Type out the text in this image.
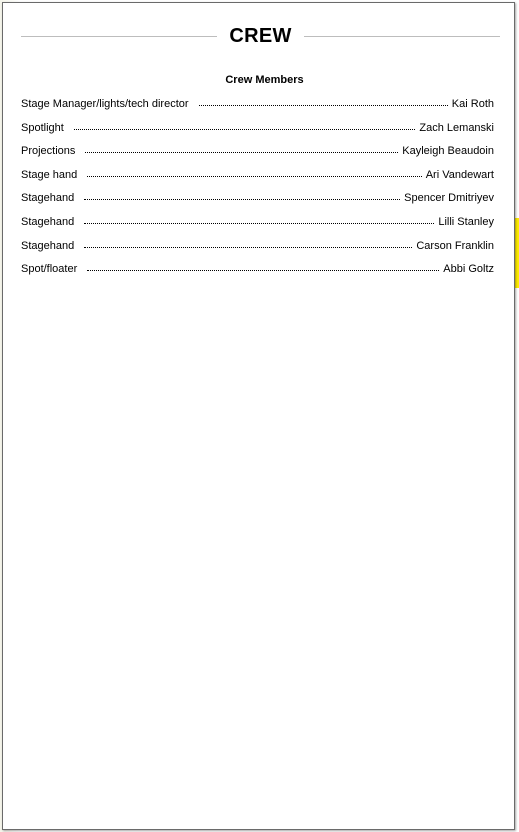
CREW
Crew Members
Stage Manager/lights/tech director	Kai Roth
Spotlight	Zach Lemanski
Projections	Kayleigh Beaudoin
Stage hand	Ari Vandewart
Stagehand	Spencer Dmitriyev
Stagehand	Lilli Stanley
Stagehand	Carson Franklin
Spot/floater	Abbi Goltz
